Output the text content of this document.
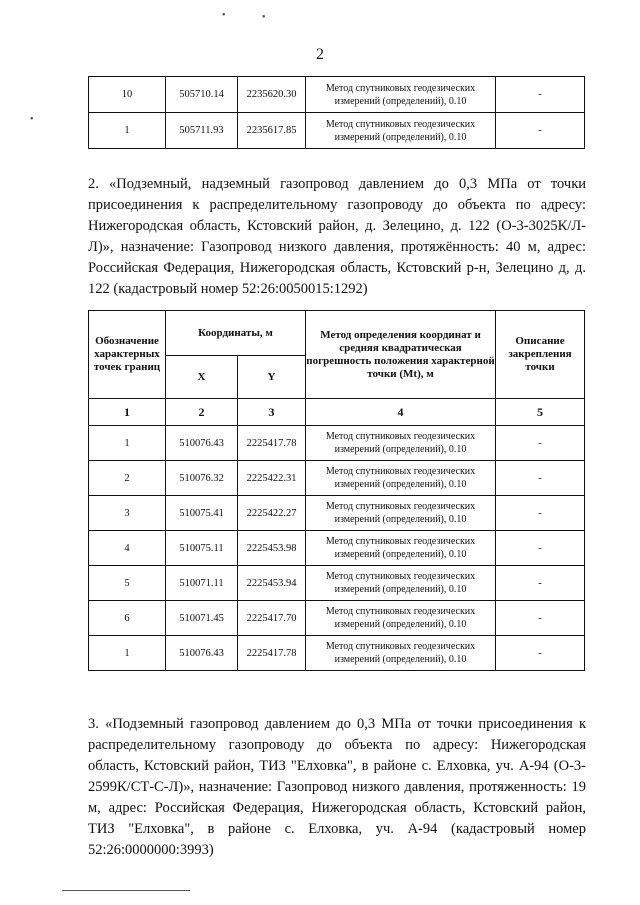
•	•
•
2
10	505710.14	2235620.30	Метод спутниковых геодезических измерений (определений), 0.10	-
1	505711.93	2235617.85	Метод спутниковых геодезических измерений (определений), 0.10	-

2. «Подземный, надземный газопровод давлением до 0,3 МПа от точки присоединения к распределительному газопроводу до объекта по адресу: Нижегородская область, Кстовский район, д. Зелецино, д. 122 (О-3-3025К/Л-Л)», назначение: Газопровод низкого давления, протяжённость: 40 м, адрес: Российская Федерация, Нижегородская область, Кстовский р-н, Зелецино д, д. 122 (кадастровый номер 52:26:0050015:1292)

Обозначение характерных точек границ	Координаты, м		Метод определения координат и средняя квадратическая погрешность положения характерной точки (Mt), м	Описание закрепления точки
	X	Y		
1	2	3	4	5
1	510076.43	2225417.78	Метод спутниковых геодезических измерений (определений), 0.10	-
2	510076.32	2225422.31	Метод спутниковых геодезических измерений (определений), 0.10	-
3	510075.41	2225422.27	Метод спутниковых геодезических измерений (определений), 0.10	-
4	510075.11	2225453.98	Метод спутниковых геодезических измерений (определений), 0.10	-
5	510071.11	2225453.94	Метод спутниковых геодезических измерений (определений), 0.10	-
6	510071.45	2225417.70	Метод спутниковых геодезических измерений (определений), 0.10	-
1	510076.43	2225417.78	Метод спутниковых геодезических измерений (определений), 0.10	-

3. «Подземный газопровод давлением до 0,3 МПа от точки присоединения к распределительному газопроводу до объекта по адресу: Нижегородская область, Кстовский район, ТИЗ "Елховка", в районе с. Елховка, уч. А-94 (О-3-2599К/СТ-С-Л)», назначение: Газопровод низкого давления, протяженность: 19 м, адрес: Российская Федерация, Нижегородская область, Кстовский район, ТИЗ "Елховка", в районе с. Елховка, уч. А-94 (кадастровый номер 52:26:0000000:3993)
